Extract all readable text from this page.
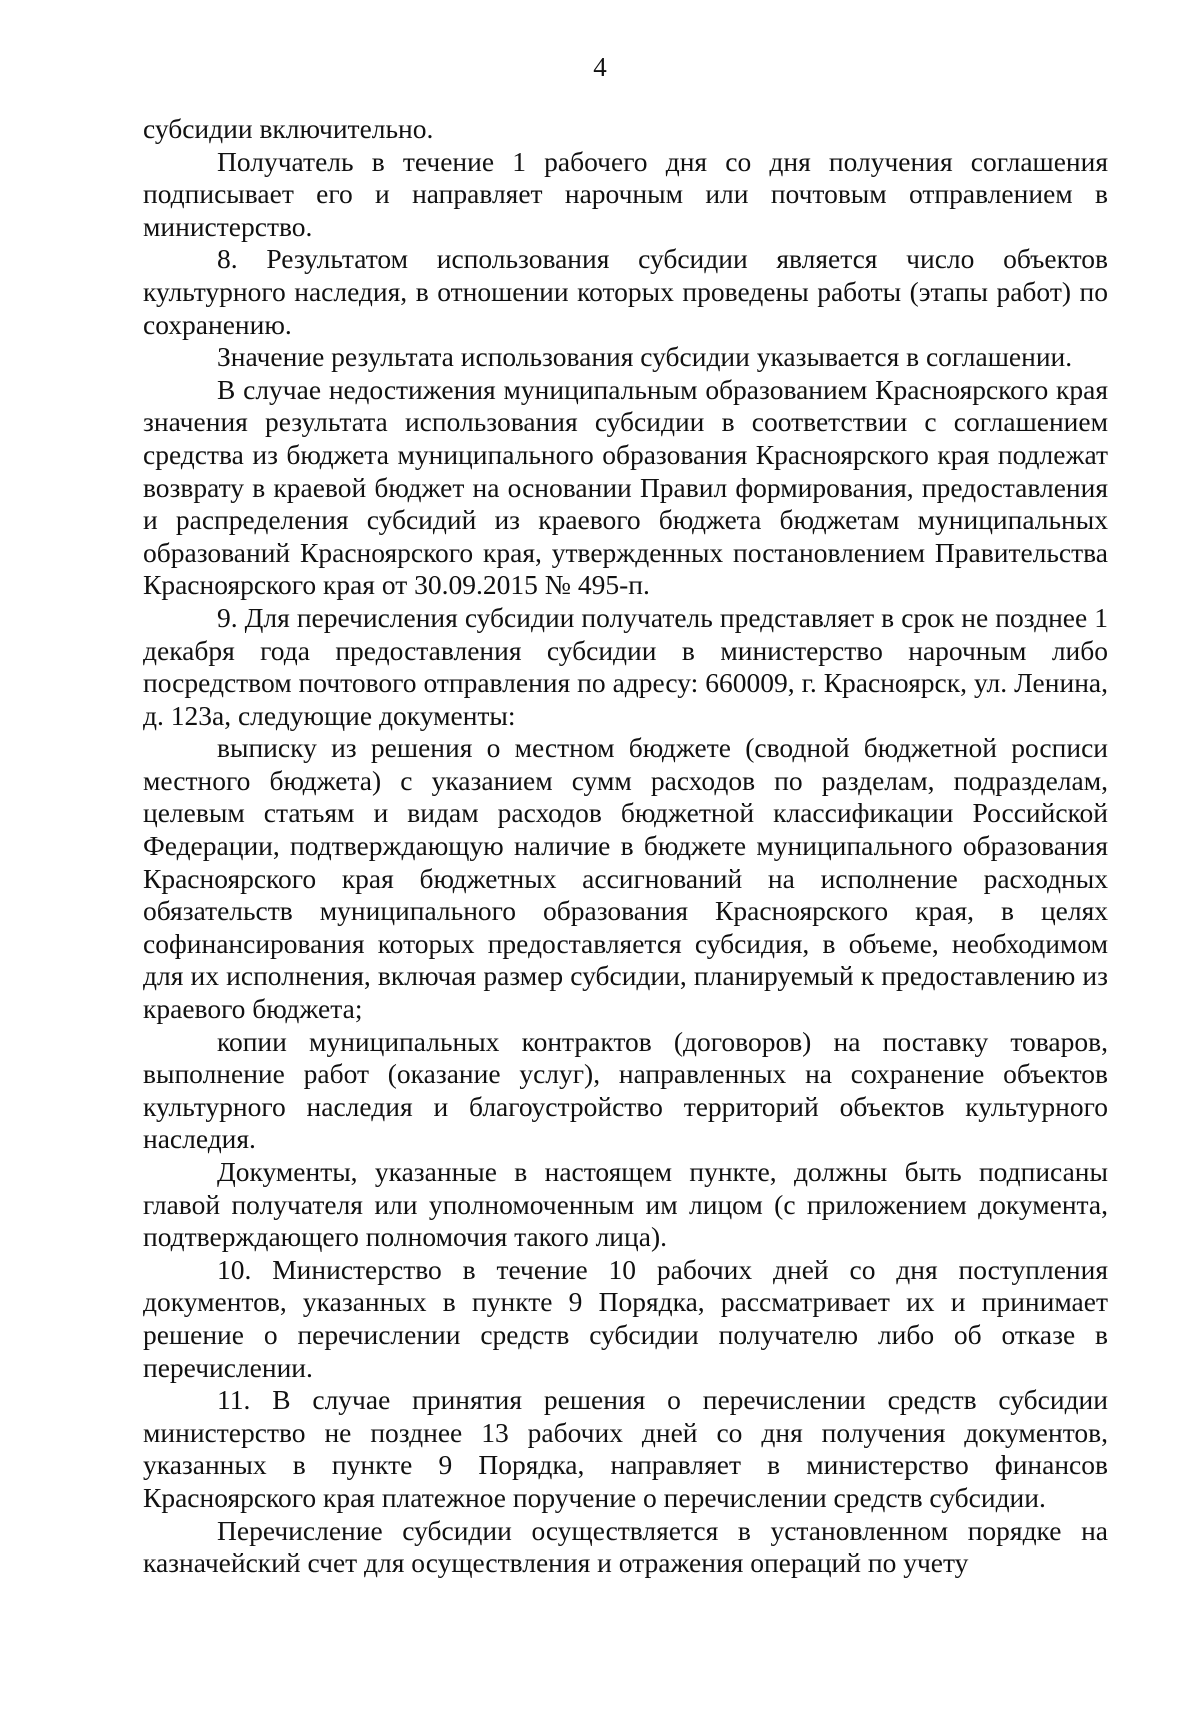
4

субсидии включительно.

Получатель в течение 1 рабочего дня со дня получения соглашения подписывает его и направляет нарочным или почтовым отправлением в министерство.

8. Результатом использования субсидии является число объектов культурного наследия, в отношении которых проведены работы (этапы работ) по сохранению.

Значение результата использования субсидии указывается в соглашении.

В случае недостижения муниципальным образованием Красноярского края значения результата использования субсидии в соответствии с соглашением средства из бюджета муниципального образования Красноярского края подлежат возврату в краевой бюджет на основании Правил формирования, предоставления и распределения субсидий из краевого бюджета бюджетам муниципальных образований Красноярского края, утвержденных постановлением Правительства Красноярского края от 30.09.2015 № 495-п.

9. Для перечисления субсидии получатель представляет в срок не позднее 1 декабря года предоставления субсидии в министерство нарочным либо посредством почтового отправления по адресу: 660009, г. Красноярск, ул. Ленина, д. 123а, следующие документы:

выписку из решения о местном бюджете (сводной бюджетной росписи местного бюджета) с указанием сумм расходов по разделам, подразделам, целевым статьям и видам расходов бюджетной классификации Российской Федерации, подтверждающую наличие в бюджете муниципального образования Красноярского края бюджетных ассигнований на исполнение расходных обязательств муниципального образования Красноярского края, в целях софинансирования которых предоставляется субсидия, в объеме, необходимом для их исполнения, включая размер субсидии, планируемый к предоставлению из краевого бюджета;

копии муниципальных контрактов (договоров) на поставку товаров, выполнение работ (оказание услуг), направленных на сохранение объектов культурного наследия и благоустройство территорий объектов культурного наследия.

Документы, указанные в настоящем пункте, должны быть подписаны главой получателя или уполномоченным им лицом (с приложением документа, подтверждающего полномочия такого лица).

10. Министерство в течение 10 рабочих дней со дня поступления документов, указанных в пункте 9 Порядка, рассматривает их и принимает решение о перечислении средств субсидии получателю либо об отказе в перечислении.

11. В случае принятия решения о перечислении средств субсидии министерство не позднее 13 рабочих дней со дня получения документов, указанных в пункте 9 Порядка, направляет в министерство финансов Красноярского края платежное поручение о перечислении средств субсидии.

Перечисление субсидии осуществляется в установленном порядке на казначейский счет для осуществления и отражения операций по учету
